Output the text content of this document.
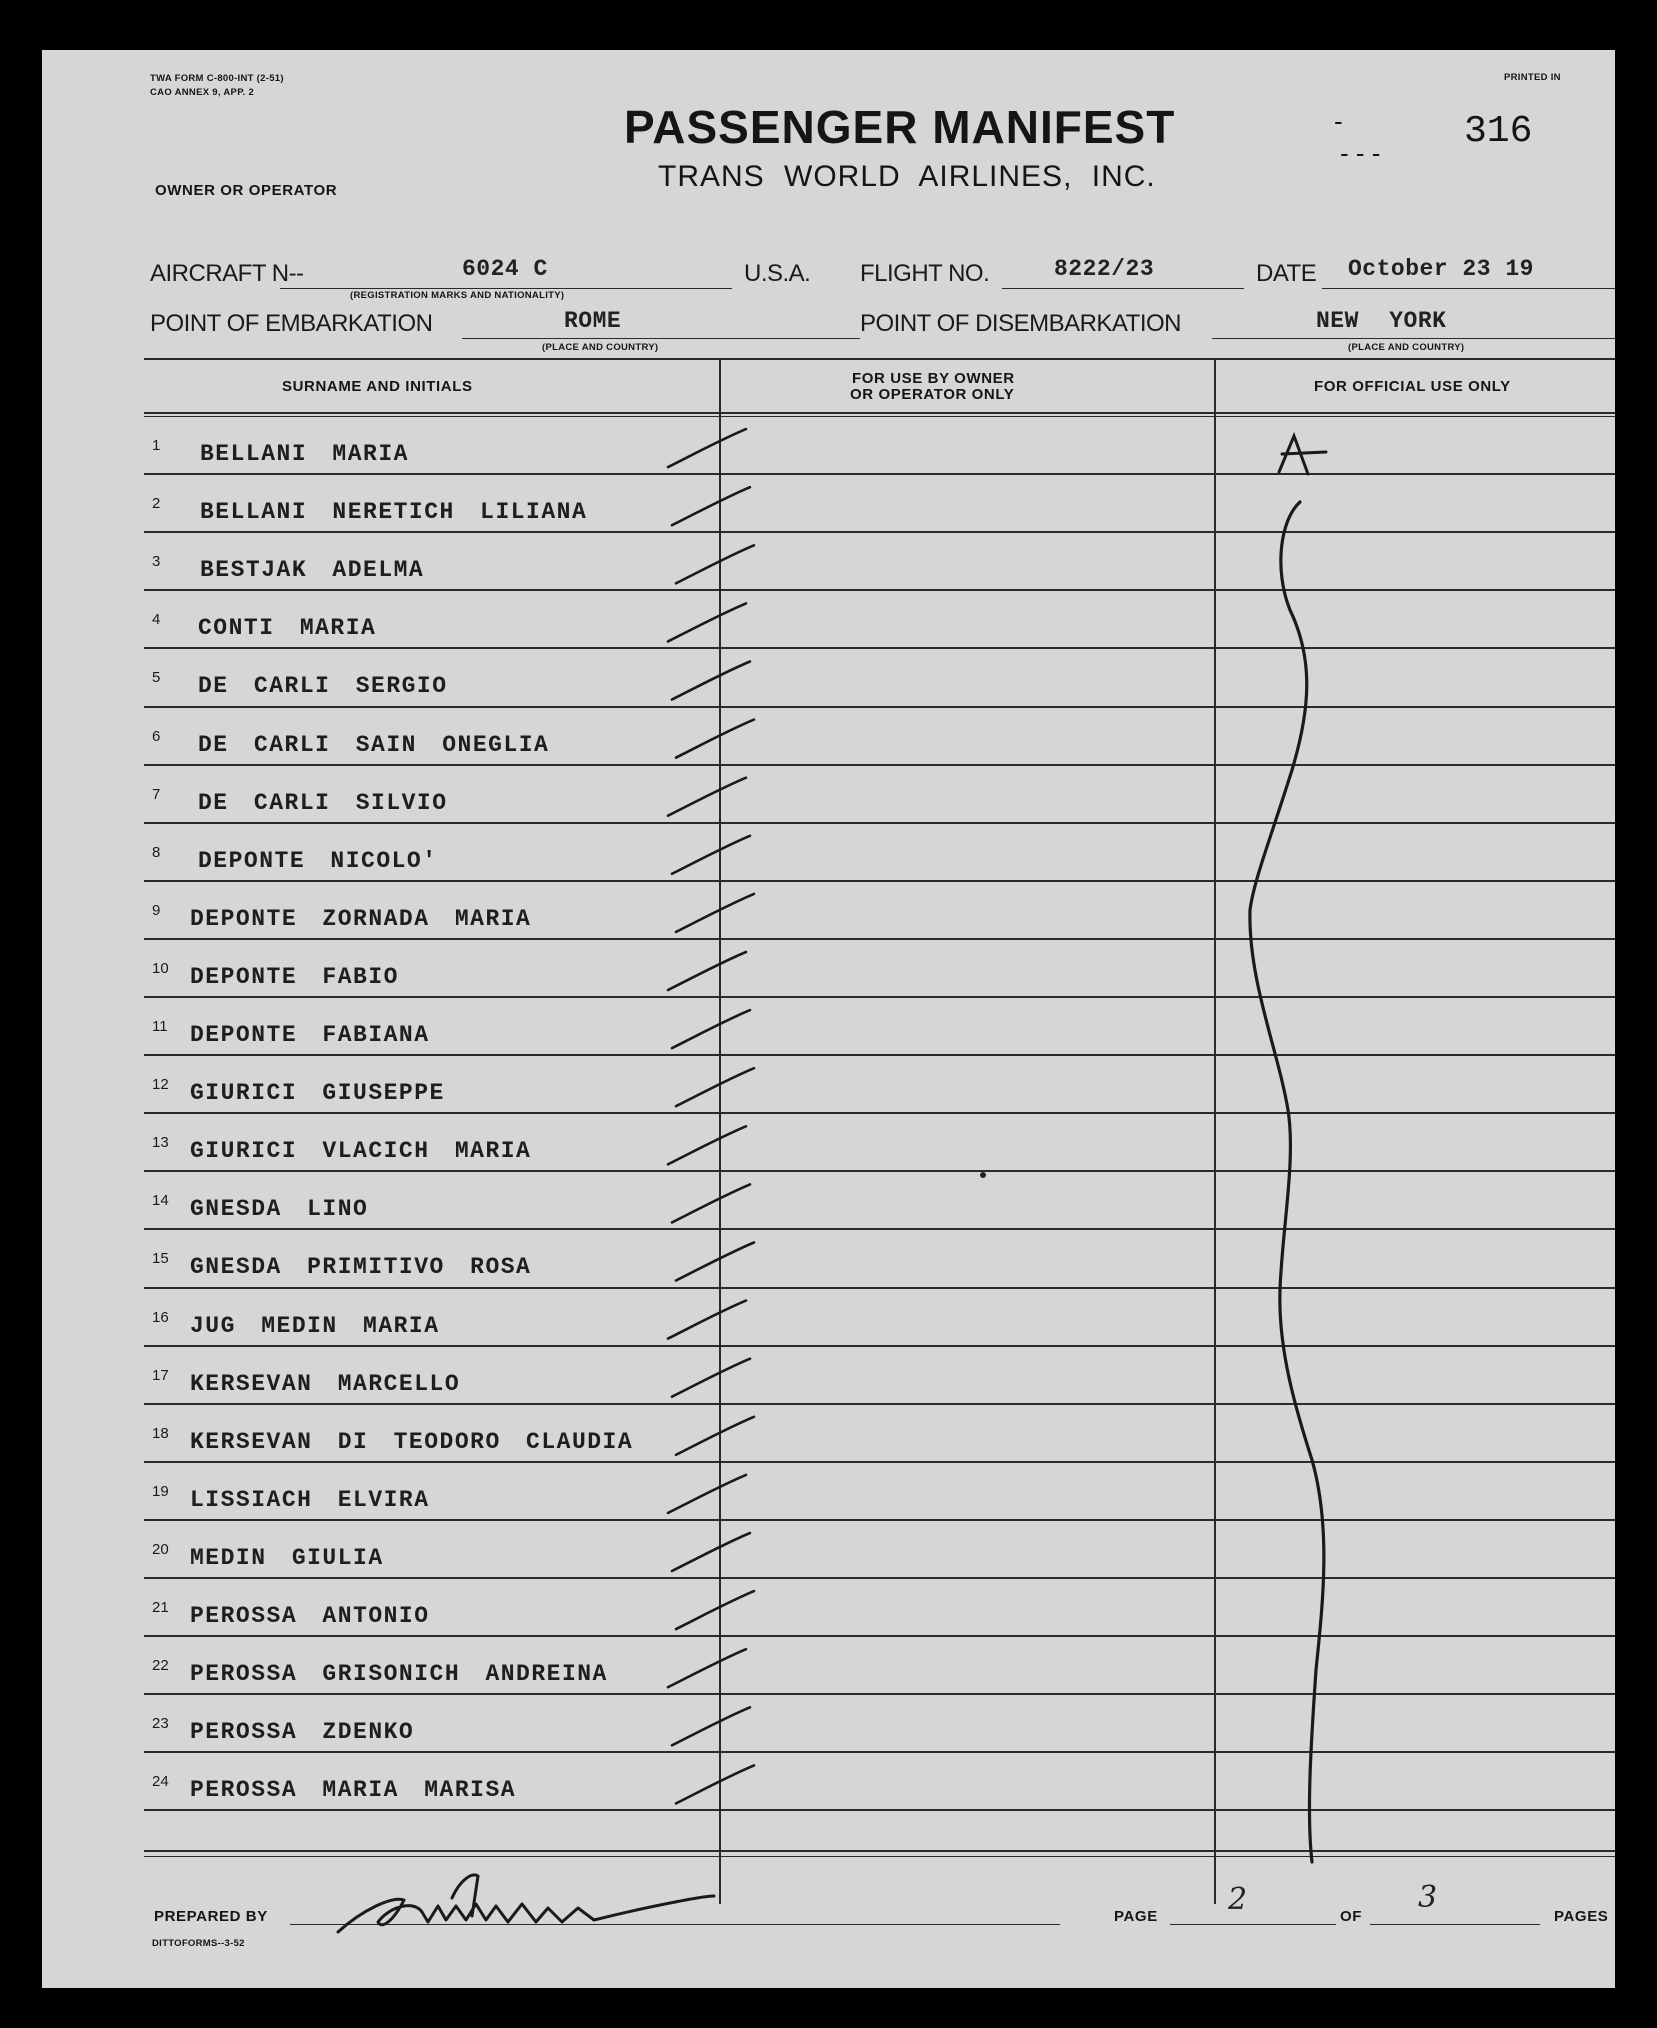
TWA FORM C-800-INT (2-51)
CAO ANNEX 9, APP. 2
PRINTED IN
OWNER OR OPERATOR
PASSENGER MANIFEST
TRANS WORLD AIRLINES, INC.
316
-
- - -
AIRCRAFT N--	6024 C	U.S.A.
(REGISTRATION MARKS AND NATIONALITY)
FLIGHT NO.	8222/23	DATE October 23 19
POINT OF EMBARKATION	ROME
(PLACE AND COUNTRY)
POINT OF DISEMBARKATION	NEW YORK
(PLACE AND COUNTRY)
SURNAME AND INITIALS	FOR USE BY OWNER
OR OPERATOR ONLY	FOR OFFICIAL USE ONLY
1 BELLANI MARIA
2 BELLANI NERETICH LILIANA
3 BESTJAK ADELMA
4 CONTI MARIA
5 DE CARLI SERGIO
6 DE CARLI SAIN ONEGLIA
7 DE CARLI SILVIO
8 DEPONTE NICOLO'
9 DEPONTE ZORNADA MARIA
10 DEPONTE FABIO
11 DEPONTE FABIANA
12 GIURICI GIUSEPPE
13 GIURICI VLACICH MARIA
14 GNESDA LINO
15 GNESDA PRIMITIVO ROSA
16 JUG MEDIN MARIA
17 KERSEVAN MARCELLO
18 KERSEVAN DI TEODORO CLAUDIA
19 LISSIACH ELVIRA
20 MEDIN GIULIA
21 PEROSSA ANTONIO
22 PEROSSA GRISONICH ANDREINA
23 PEROSSA ZDENKO
24 PEROSSA MARIA MARISA
PREPARED BY	PAGE 2	OF
3
PAGES
DITTOFORMS--3-52
